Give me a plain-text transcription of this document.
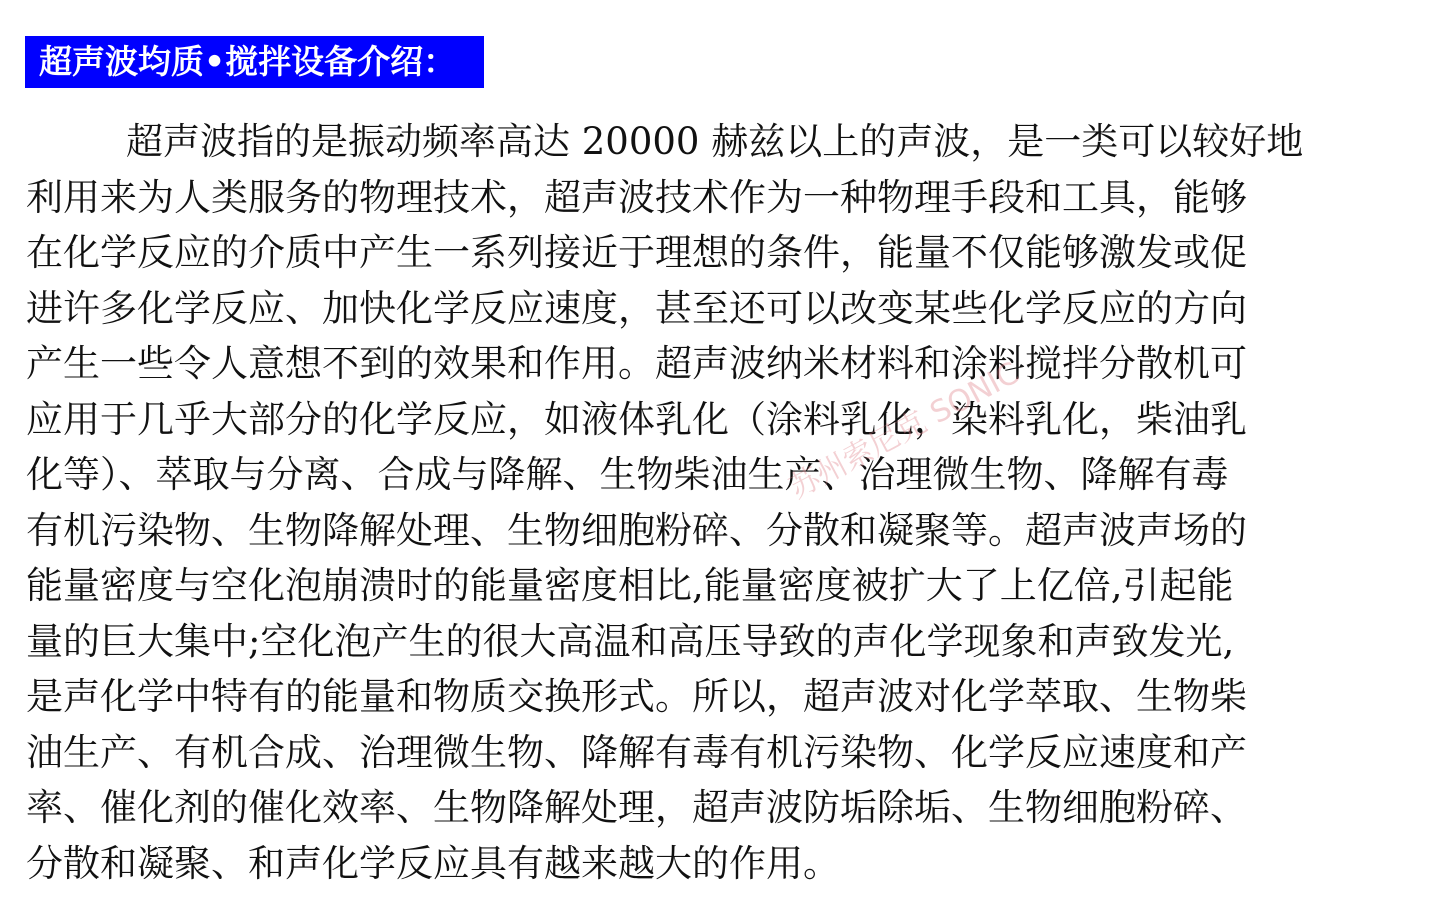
超声波均质•搅拌设备介绍：
超声波指的是振动频率高达 20000 赫兹以上的声波，是一类可以较好地
利用来为人类服务的物理技术，超声波技术作为一种物理手段和工具，能够
在化学反应的介质中产生一系列接近于理想的条件，能量不仅能够激发或促
进许多化学反应、加快化学反应速度，甚至还可以改变某些化学反应的方向
产生一些令人意想不到的效果和作用。超声波纳米材料和涂料搅拌分散机可
应用于几乎大部分的化学反应，如液体乳化（涂料乳化，染料乳化，柴油乳
化等）、萃取与分离、合成与降解、生物柴油生产、治理微生物、降解有毒
有机污染物、生物降解处理、生物细胞粉碎、分散和凝聚等。超声波声场的
能量密度与空化泡崩溃时的能量密度相比,能量密度被扩大了上亿倍,引起能
量的巨大集中;空化泡产生的很大高温和高压导致的声化学现象和声致发光,
是声化学中特有的能量和物质交换形式。所以，超声波对化学萃取、生物柴
油生产、有机合成、治理微生物、降解有毒有机污染物、化学反应速度和产
率、催化剂的催化效率、生物降解处理，超声波防垢除垢、生物细胞粉碎、
分散和凝聚、和声化学反应具有越来越大的作用。
苏州索尼克 SONIC
